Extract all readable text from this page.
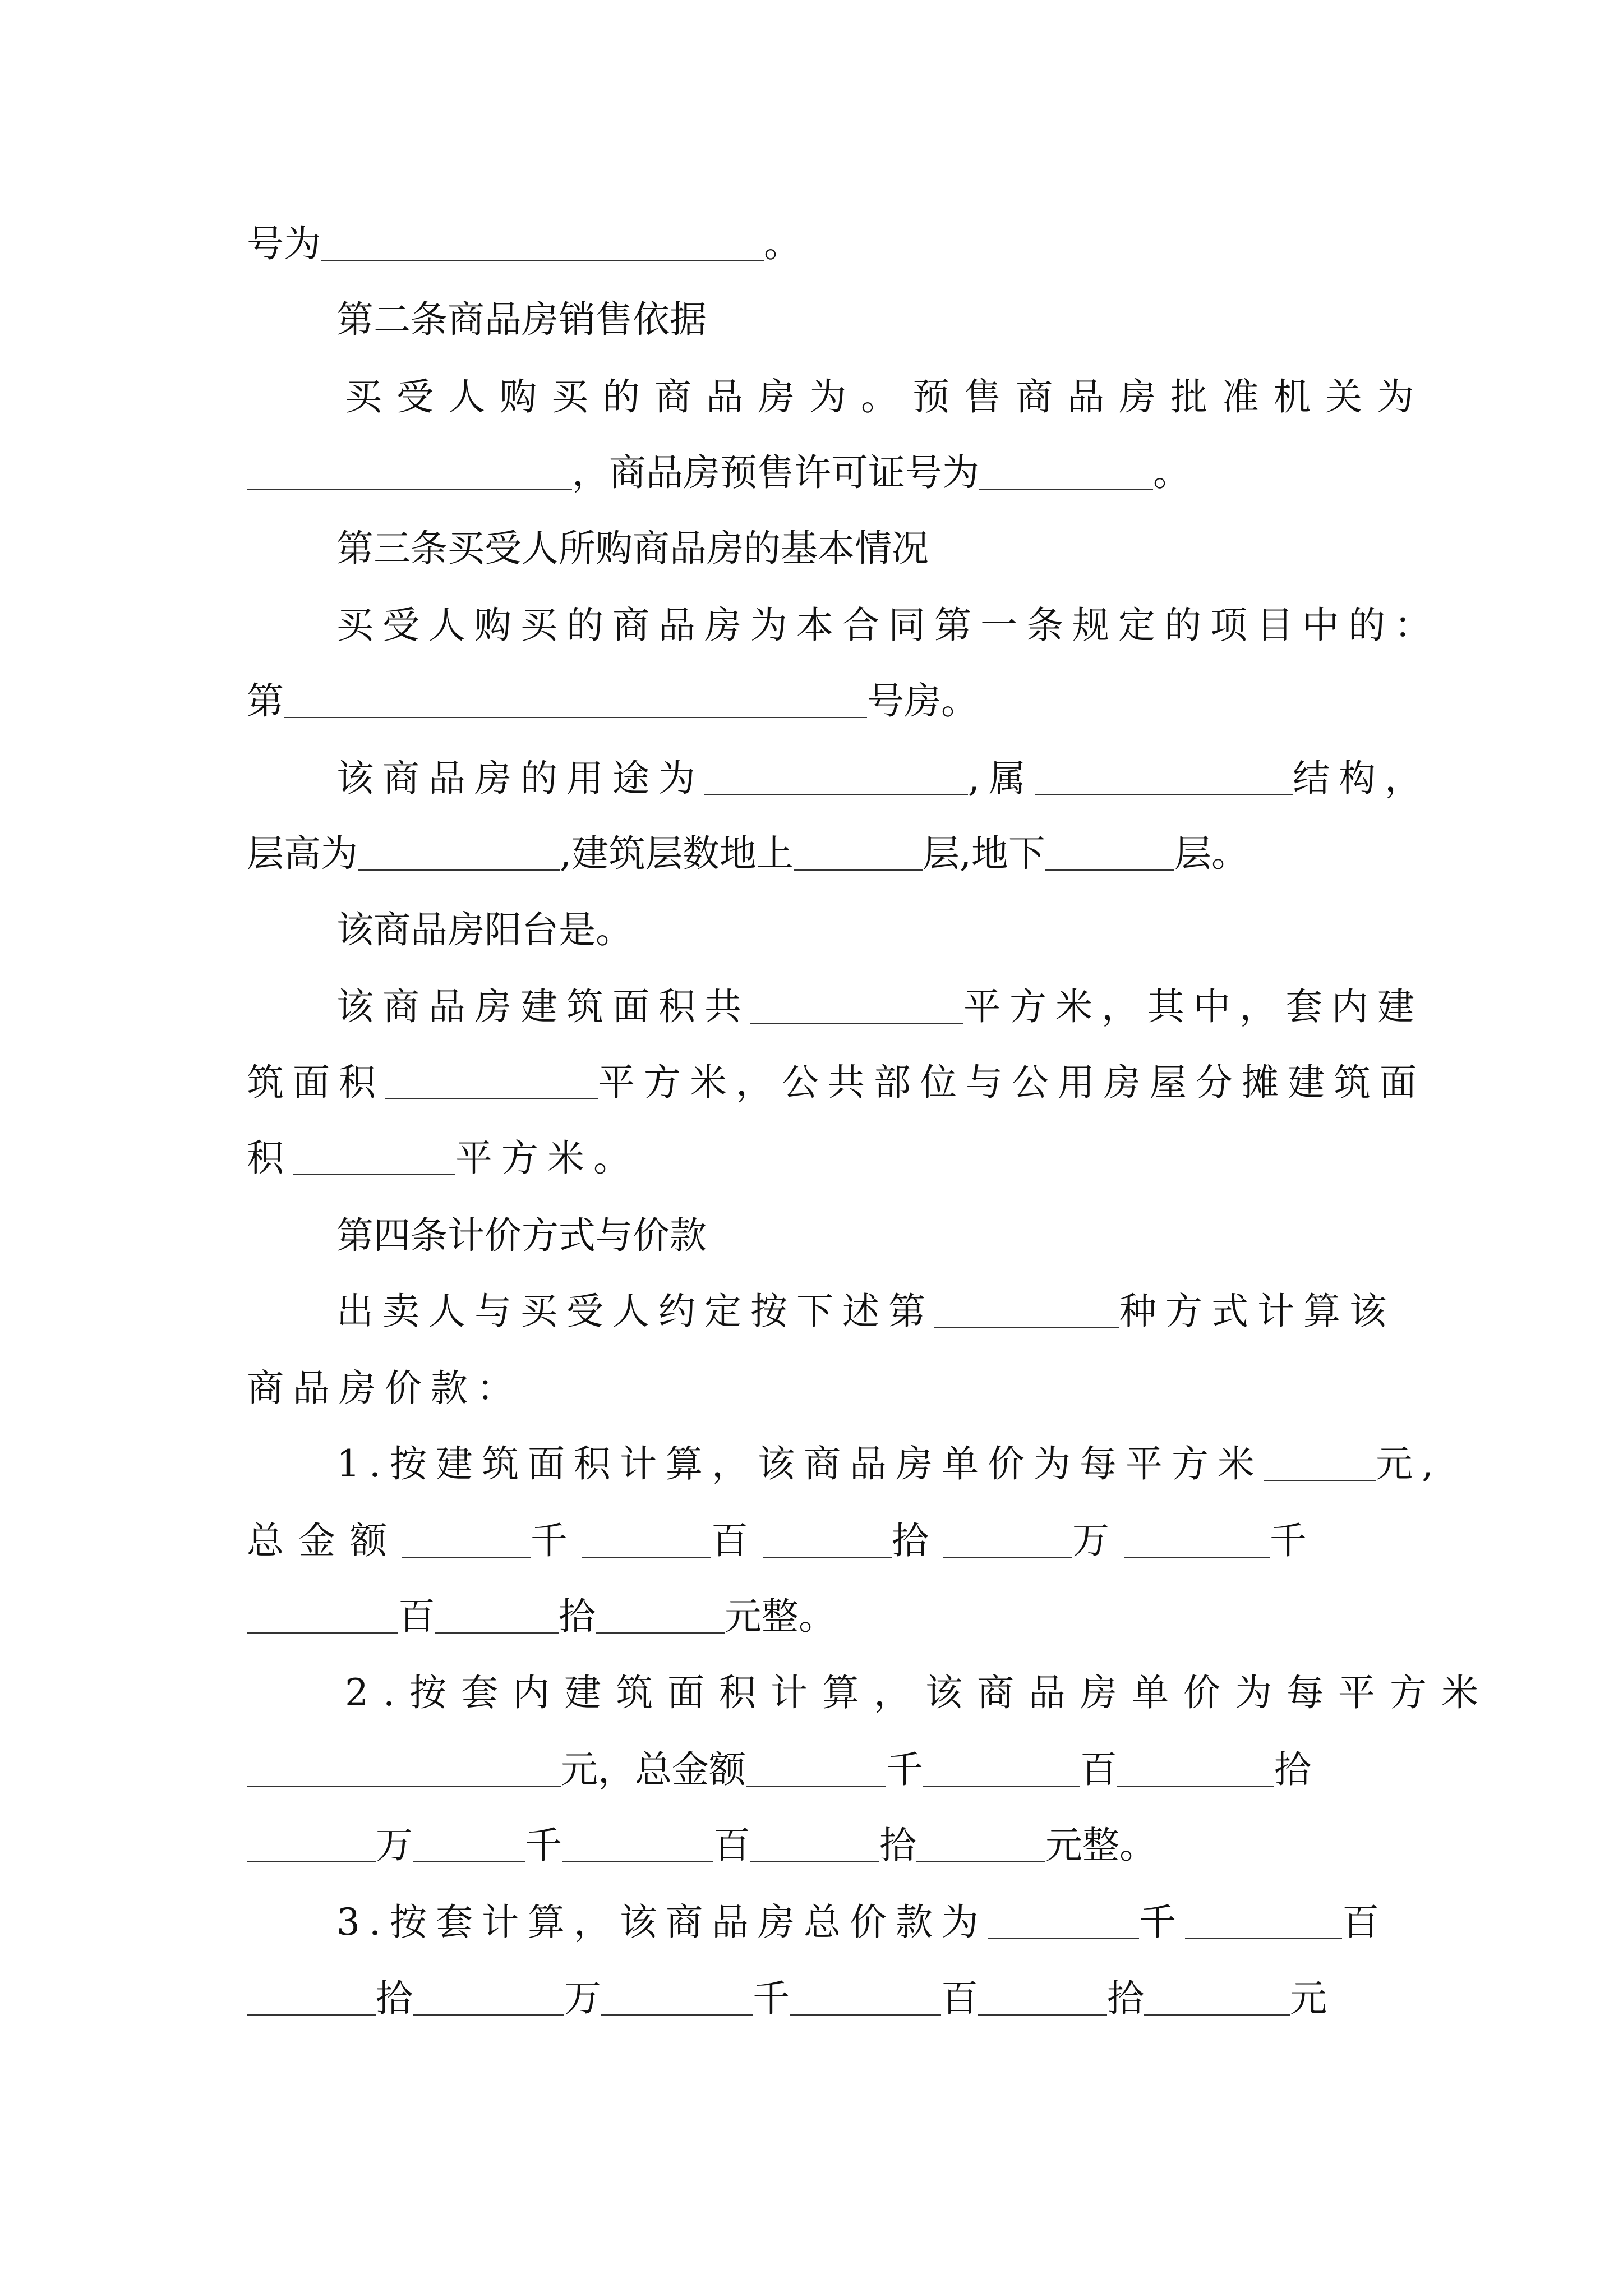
号为	。
第二条商品房销售依据
买受人购买的商品房为。预售商品房批准机关为
，商品房预售许可证号为	。
第三条买受人所购商品房的基本情况
买受人购买的商品房为本合同第一条规定的项目中的：
第	号房。
该商品房的用途为	,属	结构，
层高为	,建筑层数地上	层,地下	层。
该商品房阳台是。
该商品房建筑面积共	平方米，其中，套内建
筑面积	平方米，公共部位与公用房屋分摊建筑面
积	平方米。
第四条计价方式与价款
出卖人与买受人约定按下述第	种方式计算该
商品房价款：
1.按建筑面积计算，该商品房单价为每平方米	元,
总金额	千	百	拾	万	千
百	拾	元整。
2.按套内建筑面积计算，该商品房单价为每平方米
元，总金额	千	百	拾
万	千	百	拾	元整。
3.按套计算，该商品房总价款为	千	百
拾	万	千	百	拾	元
